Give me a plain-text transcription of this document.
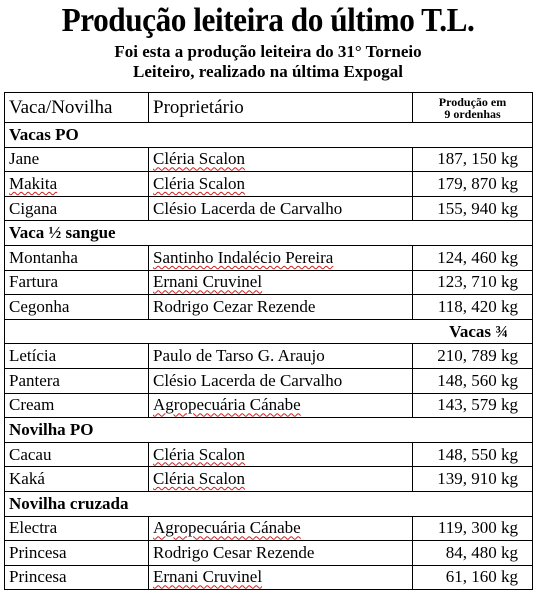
Produção leiteira do último T.L.
Foi esta a produção leiteira do 31° Torneio
Leiteiro, realizado na última Expogal
Vaca/Novilha	Proprietário	Produção em
9 ordenhas

Vacas PO		
Jane	Cléria Scalon	187, 150 kg
Makita	Cléria Scalon	179, 870 kg
Cigana	Clésio Lacerda de Carvalho	155, 940 kg
Vaca ½ sangue		
Montanha	Santinho Indalécio Pereira	124, 460 kg
Fartura	Ernani Cruvinel	123, 710 kg
Cegonha	Rodrigo Cezar Rezende	118, 420 kg
Vacas ¾		
Letícia	Paulo de Tarso G. Araujo	210, 789 kg
Pantera	Clésio Lacerda de Carvalho	148, 560 kg
Cream	Agropecuária Cánabe	143, 579 kg
Novilha PO		
Cacau	Cléria Scalon	148, 550 kg
Kaká	Cléria Scalon	139, 910 kg
Novilha cruzada		
Electra	Agropecuária Cánabe	119, 300 kg
Princesa	Rodrigo Cesar Rezende	84, 480 kg
Princesa	Ernani Cruvinel	61, 160 kg
